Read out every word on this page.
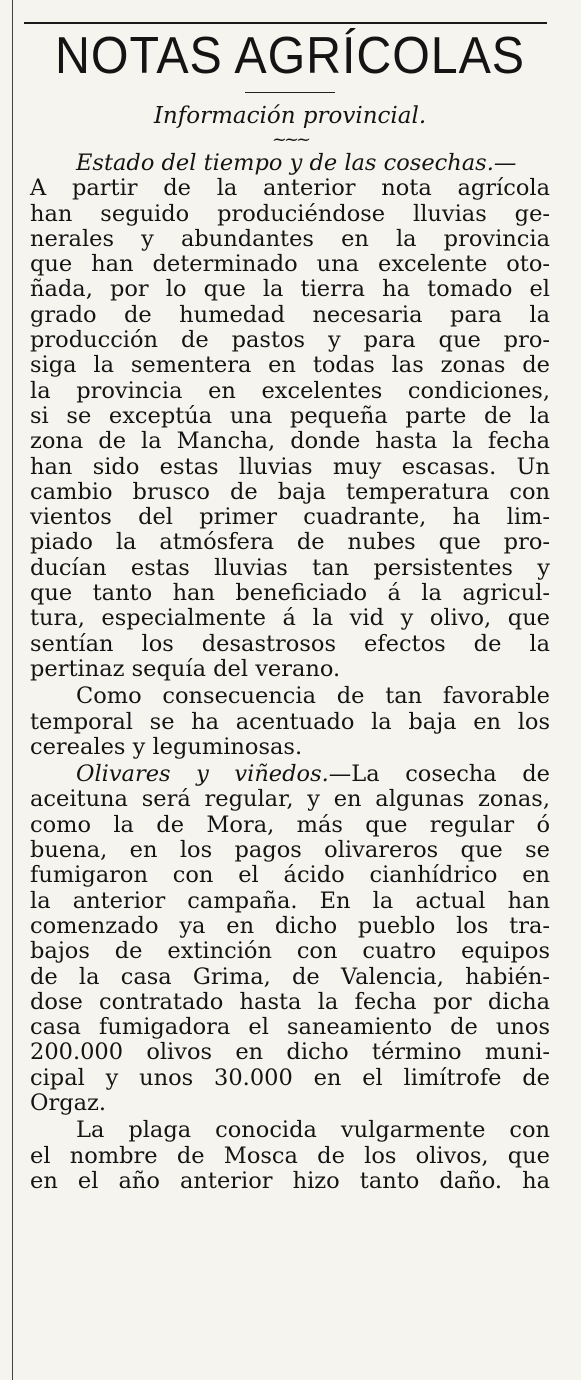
NOTAS AGRÍCOLAS
Información provincial.
~~~
Estado del tiempo y de las cosechas.—
A partir de la anterior nota agrícola
han seguido produciéndose lluvias ge-
nerales y abundantes en la provincia
que han determinado una excelente oto-
ñada, por lo que la tierra ha tomado el
grado de humedad necesaria para la
producción de pastos y para que pro-
siga la sementera en todas las zonas de
la provincia en excelentes condiciones,
si se exceptúa una pequeña parte de la
zona de la Mancha, donde hasta la fecha
han sido estas lluvias muy escasas. Un
cambio brusco de baja temperatura con
vientos del primer cuadrante, ha lim-
piado la atmósfera de nubes que pro-
ducían estas lluvias tan persistentes y
que tanto han beneficiado á la agricul-
tura, especialmente á la vid y olivo, que
sentían los desastrosos efectos de la
pertinaz sequía del verano.
Como consecuencia de tan favorable
temporal se ha acentuado la baja en los
cereales y leguminosas.
Olivares y viñedos.—La cosecha de
aceituna será regular, y en algunas zonas,
como la de Mora, más que regular ó
buena, en los pagos olivareros que se
fumigaron con el ácido cianhídrico en
la anterior campaña. En la actual han
comenzado ya en dicho pueblo los tra-
bajos de extinción con cuatro equipos
de la casa Grima, de Valencia, habién-
dose contratado hasta la fecha por dicha
casa fumigadora el saneamiento de unos
200.000 olivos en dicho término muni-
cipal y unos 30.000 en el limítrofe de
Orgaz.
La plaga conocida vulgarmente con
el nombre de Mosca de los olivos, que
en el año anterior hizo tanto daño. ha
